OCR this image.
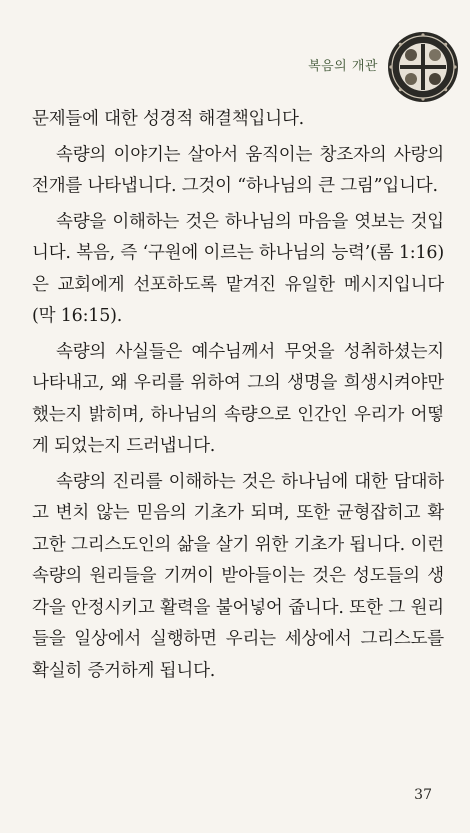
복음의 개관

문제들에 대한 성경적 해결책입니다.

속량의 이야기는 살아서 움직이는 창조자의 사랑의 전개를 나타냅니다. 그것이 “하나님의 큰 그림”입니다.

속량을 이해하는 것은 하나님의 마음을 엿보는 것입니다. 복음, 즉 ‘구원에 이르는 하나님의 능력’(롬 1:16)은 교회에게 선포하도록 맡겨진 유일한 메시지입니다(막 16:15).

속량의 사실들은 예수님께서 무엇을 성취하셨는지 나타내고, 왜 우리를 위하여 그의 생명을 희생시켜야만 했는지 밝히며, 하나님의 속량으로 인간인 우리가 어떻게 되었는지 드러냅니다.

속량의 진리를 이해하는 것은 하나님에 대한 담대하고 변치 않는 믿음의 기초가 되며, 또한 균형잡히고 확고한 그리스도인의 삶을 살기 위한 기초가 됩니다. 이런 속량의 원리들을 기꺼이 받아들이는 것은 성도들의 생각을 안정시키고 활력을 불어넣어 줍니다. 또한 그 원리들을 일상에서 실행하면 우리는 세상에서 그리스도를 확실히 증거하게 됩니다.

37
